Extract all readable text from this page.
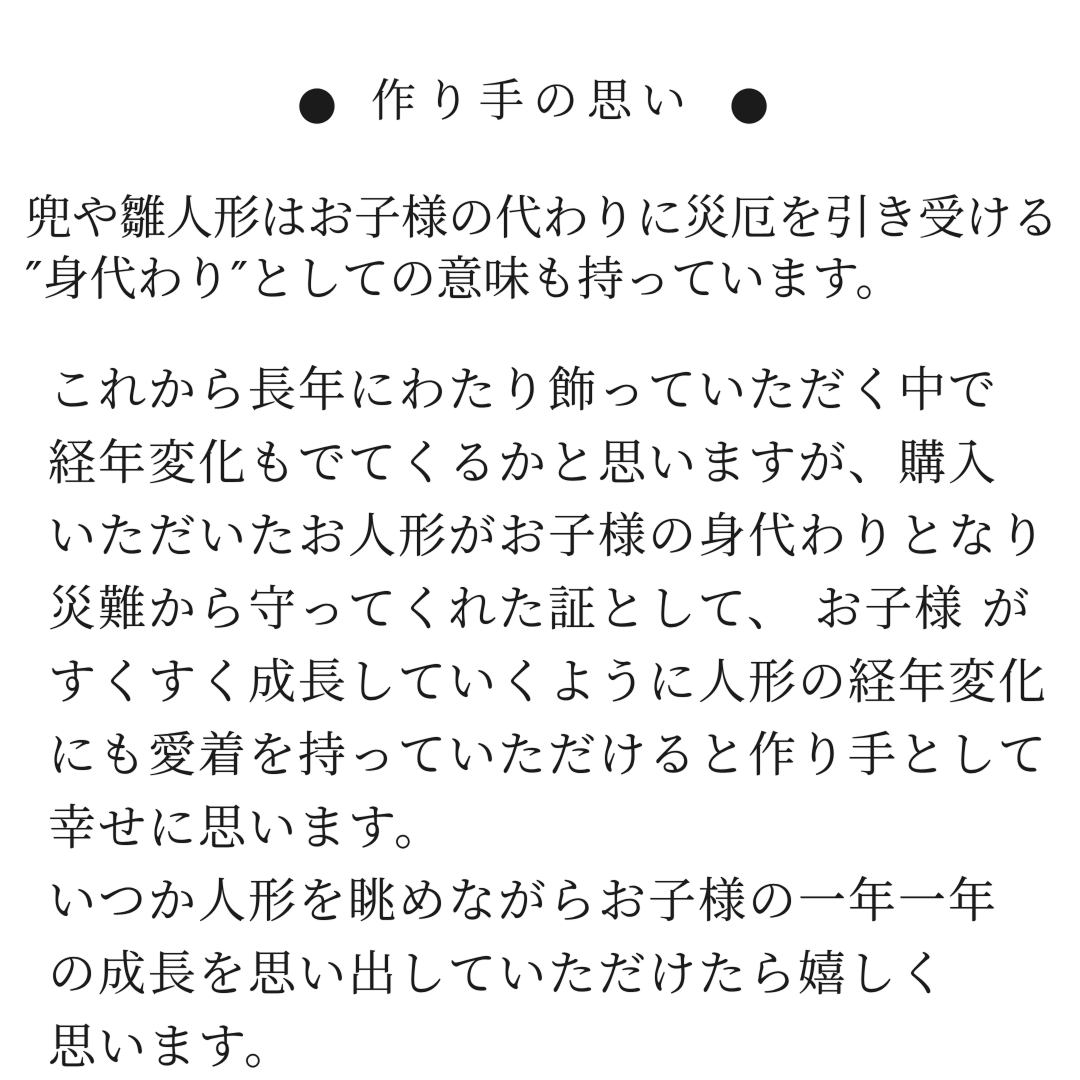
● 作り手の思い ●
兜や雛人形はお子様の代わりに災厄を引き受ける
″身代わり″としての意味も持っています。
これから長年にわたり飾っていただく中で
経年変化もでてくるかと思いますが、購入
いただいたお人形がお子様の身代わりとなり
災難から守ってくれた証として、 お子様 が
すくすく成長していくように人形の経年変化
にも愛着を持っていただけると作り手として
幸せに思います。
いつか人形を眺めながらお子様の一年一年
の成長を思い出していただけたら嬉しく
思います。
